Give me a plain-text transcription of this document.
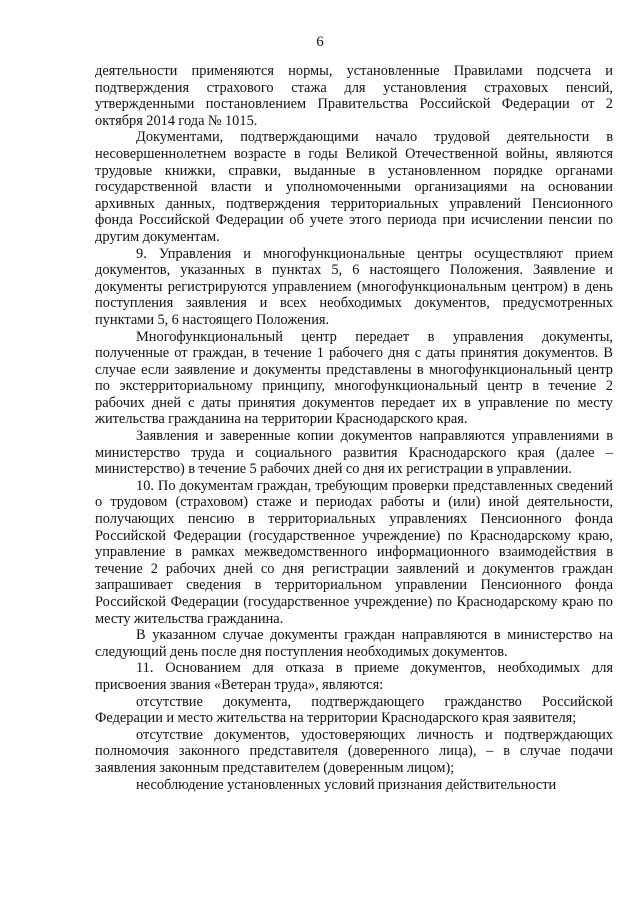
6

деятельности применяются нормы, установленные Правилами подсчета и подтверждения страхового стажа для установления страховых пенсий, утвержденными постановлением Правительства Российской Федерации от 2 октября 2014 года № 1015.

Документами, подтверждающими начало трудовой деятельности в несовершеннолетнем возрасте в годы Великой Отечественной войны, являются трудовые книжки, справки, выданные в установленном порядке органами государственной власти и уполномоченными организациями на основании архивных данных, подтверждения территориальных управлений Пенсионного фонда Российской Федерации об учете этого периода при исчислении пенсии по другим документам.

9. Управления и многофункциональные центры осуществляют прием документов, указанных в пунктах 5, 6 настоящего Положения. Заявление и документы регистрируются управлением (многофункциональным центром) в день поступления заявления и всех необходимых документов, предусмотренных пунктами 5, 6 настоящего Положения.

Многофункциональный центр передает в управления документы, полученные от граждан, в течение 1 рабочего дня с даты принятия документов. В случае если заявление и документы представлены в многофункциональный центр по экстерриториальному принципу, многофункциональный центр в течение 2 рабочих дней с даты принятия документов передает их в управление по месту жительства гражданина на территории Краснодарского края.

Заявления и заверенные копии документов направляются управлениями в министерство труда и социального развития Краснодарского края (далее – министерство) в течение 5 рабочих дней со дня их регистрации в управлении.

10. По документам граждан, требующим проверки представленных сведений о трудовом (страховом) стаже и периодах работы и (или) иной деятельности, получающих пенсию в территориальных управлениях Пенсионного фонда Российской Федерации (государственное учреждение) по Краснодарскому краю, управление в рамках межведомственного информационного взаимодействия в течение 2 рабочих дней со дня регистрации заявлений и документов граждан запрашивает сведения в территориальном управлении Пенсионного фонда Российской Федерации (государственное учреждение) по Краснодарскому краю по месту жительства гражданина.

В указанном случае документы граждан направляются в министерство на следующий день после дня поступления необходимых документов.

11. Основанием для отказа в приеме документов, необходимых для присвоения звания «Ветеран труда», являются:

отсутствие документа, подтверждающего гражданство Российской Федерации и место жительства на территории Краснодарского края заявителя;

отсутствие документов, удостоверяющих личность и подтверждающих полномочия законного представителя (доверенного лица), – в случае подачи заявления законным представителем (доверенным лицом);

несоблюдение установленных условий признания действительности
